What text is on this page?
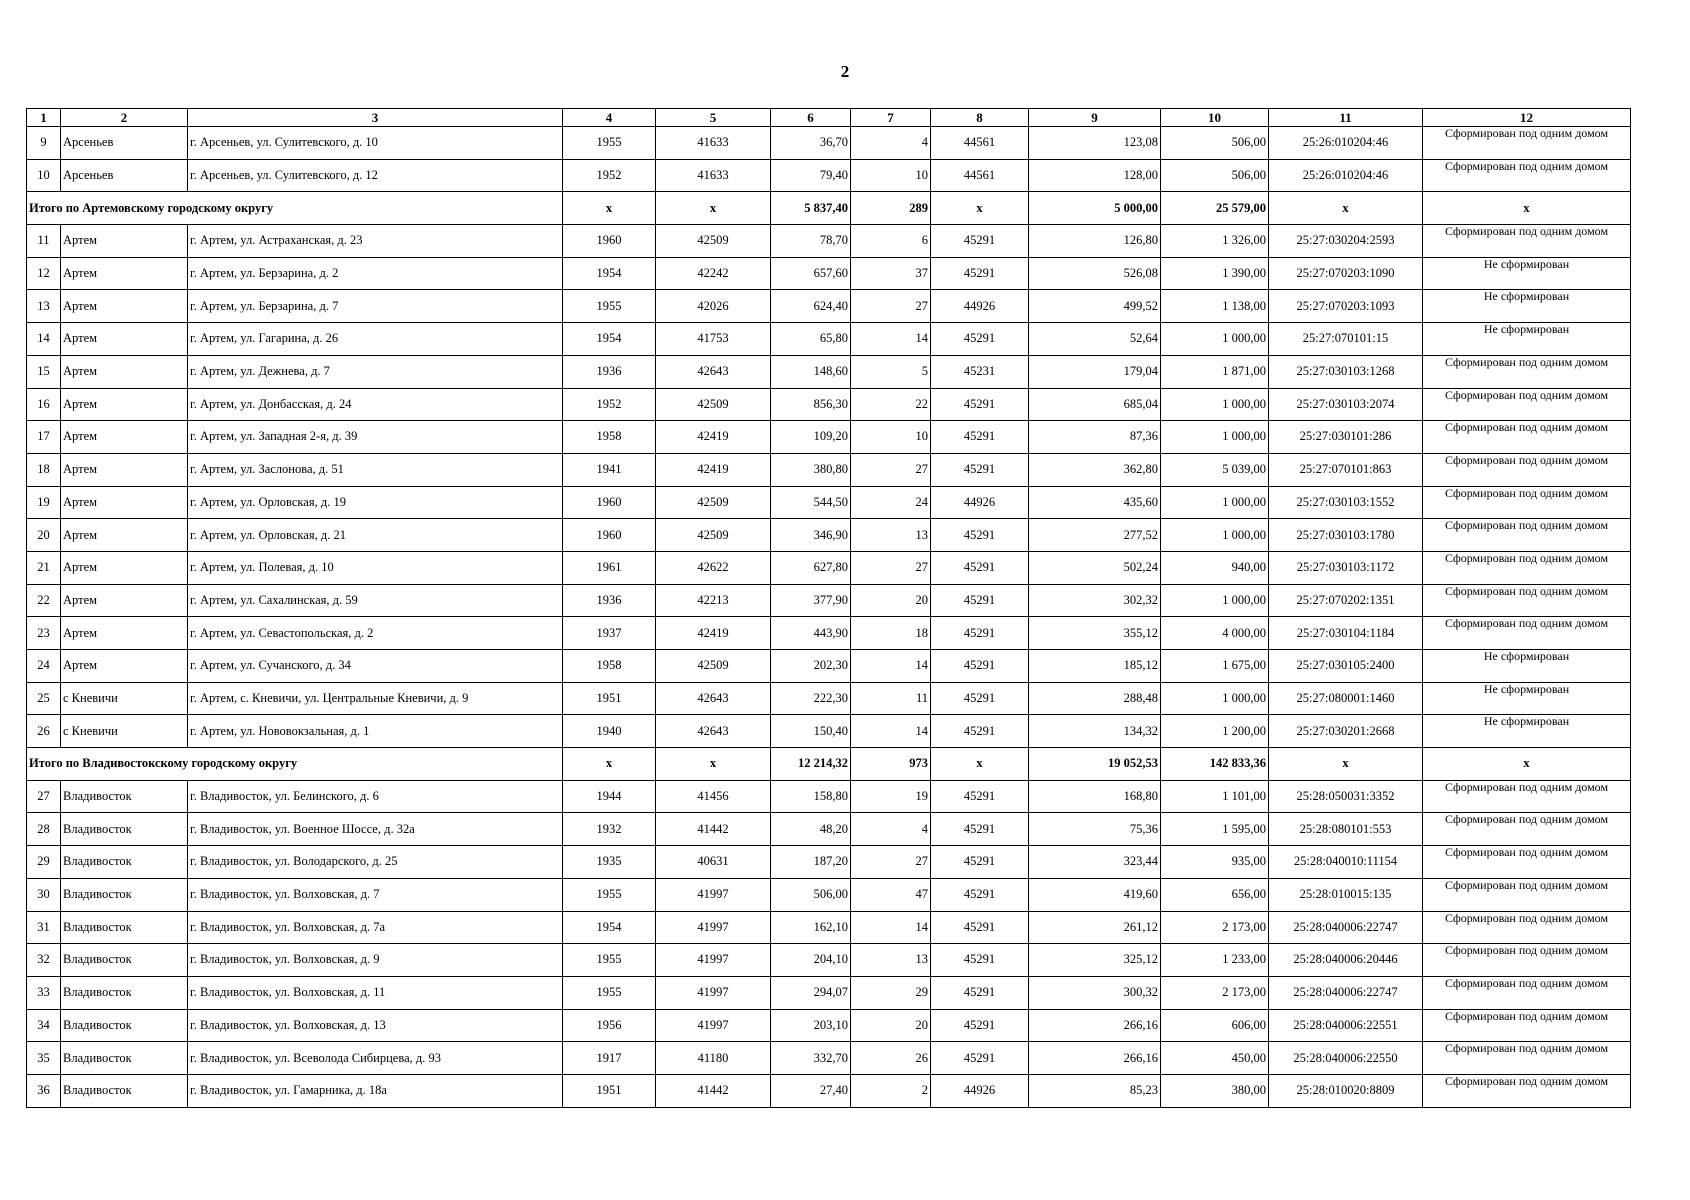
2
1	2	3	4	5	6	7	8	9	10	11	12
9	Арсеньев	г. Арсеньев, ул. Сулитевского, д. 10	1955	41633	36,70	4	44561	123,08	506,00	25:26:010204:46	Сформирован под одним домом
10	Арсеньев	г. Арсеньев, ул. Сулитевского, д. 12	1952	41633	79,40	10	44561	128,00	506,00	25:26:010204:46	Сформирован под одним домом
Итого по Артемовскому городскому округу			x	x	5 837,40	289	x	5 000,00	25 579,00	x	x
11	Артем	г. Артем, ул. Астраханская, д. 23	1960	42509	78,70	6	45291	126,80	1 326,00	25:27:030204:2593	Сформирован под одним домом
12	Артем	г. Артем, ул. Берзарина, д. 2	1954	42242	657,60	37	45291	526,08	1 390,00	25:27:070203:1090	Не сформирован
13	Артем	г. Артем, ул. Берзарина, д. 7	1955	42026	624,40	27	44926	499,52	1 138,00	25:27:070203:1093	Не сформирован
14	Артем	г. Артем, ул. Гагарина, д. 26	1954	41753	65,80	14	45291	52,64	1 000,00	25:27:070101:15	Не сформирован
15	Артем	г. Артем, ул. Дежнева, д. 7	1936	42643	148,60	5	45231	179,04	1 871,00	25:27:030103:1268	Сформирован под одним домом
16	Артем	г. Артем, ул. Донбасская, д. 24	1952	42509	856,30	22	45291	685,04	1 000,00	25:27:030103:2074	Сформирован под одним домом
17	Артем	г. Артем, ул. Западная 2-я, д. 39	1958	42419	109,20	10	45291	87,36	1 000,00	25:27:030101:286	Сформирован под одним домом
18	Артем	г. Артем, ул. Заслонова, д. 51	1941	42419	380,80	27	45291	362,80	5 039,00	25:27:070101:863	Сформирован под одним домом
19	Артем	г. Артем, ул. Орловская, д. 19	1960	42509	544,50	24	44926	435,60	1 000,00	25:27:030103:1552	Сформирован под одним домом
20	Артем	г. Артем, ул. Орловская, д. 21	1960	42509	346,90	13	45291	277,52	1 000,00	25:27:030103:1780	Сформирован под одним домом
21	Артем	г. Артем, ул. Полевая, д. 10	1961	42622	627,80	27	45291	502,24	940,00	25:27:030103:1172	Сформирован под одним домом
22	Артем	г. Артем, ул. Сахалинская, д. 59	1936	42213	377,90	20	45291	302,32	1 000,00	25:27:070202:1351	Сформирован под одним домом
23	Артем	г. Артем, ул. Севастопольская, д. 2	1937	42419	443,90	18	45291	355,12	4 000,00	25:27:030104:1184	Сформирован под одним домом
24	Артем	г. Артем, ул. Сучанского, д. 34	1958	42509	202,30	14	45291	185,12	1 675,00	25:27:030105:2400	Не сформирован
25	с Кневичи	г. Артем, с. Кневичи, ул. Центральные Кневичи, д. 9	1951	42643	222,30	11	45291	288,48	1 000,00	25:27:080001:1460	Не сформирован
26	с Кневичи	г. Артем, ул. Нововокзальная, д. 1	1940	42643	150,40	14	45291	134,32	1 200,00	25:27:030201:2668	Не сформирован
Итого по Владивостокскому городскому округу			x	x	12 214,32	973	x	19 052,53	142 833,36	x	x
27	Владивосток	г. Владивосток, ул. Белинского, д. 6	1944	41456	158,80	19	45291	168,80	1 101,00	25:28:050031:3352	Сформирован под одним домом
28	Владивосток	г. Владивосток, ул. Военное Шоссе, д. 32а	1932	41442	48,20	4	45291	75,36	1 595,00	25:28:080101:553	Сформирован под одним домом
29	Владивосток	г. Владивосток, ул. Володарского, д. 25	1935	40631	187,20	27	45291	323,44	935,00	25:28:040010:11154	Сформирован под одним домом
30	Владивосток	г. Владивосток, ул. Волховская, д. 7	1955	41997	506,00	47	45291	419,60	656,00	25:28:010015:135	Сформирован под одним домом
31	Владивосток	г. Владивосток, ул. Волховская, д. 7а	1954	41997	162,10	14	45291	261,12	2 173,00	25:28:040006:22747	Сформирован под одним домом
32	Владивосток	г. Владивосток, ул. Волховская, д. 9	1955	41997	204,10	13	45291	325,12	1 233,00	25:28:040006:20446	Сформирован под одним домом
33	Владивосток	г. Владивосток, ул. Волховская, д. 11	1955	41997	294,07	29	45291	300,32	2 173,00	25:28:040006:22747	Сформирован под одним домом
34	Владивосток	г. Владивосток, ул. Волховская, д. 13	1956	41997	203,10	20	45291	266,16	606,00	25:28:040006:22551	Сформирован под одним домом
35	Владивосток	г. Владивосток, ул. Всеволода Сибирцева, д. 93	1917	41180	332,70	26	45291	266,16	450,00	25:28:040006:22550	Сформирован под одним домом
36	Владивосток	г. Владивосток, ул. Гамарника, д. 18а	1951	41442	27,40	2	44926	85,23	380,00	25:28:010020:8809	Сформирован под одним домом
